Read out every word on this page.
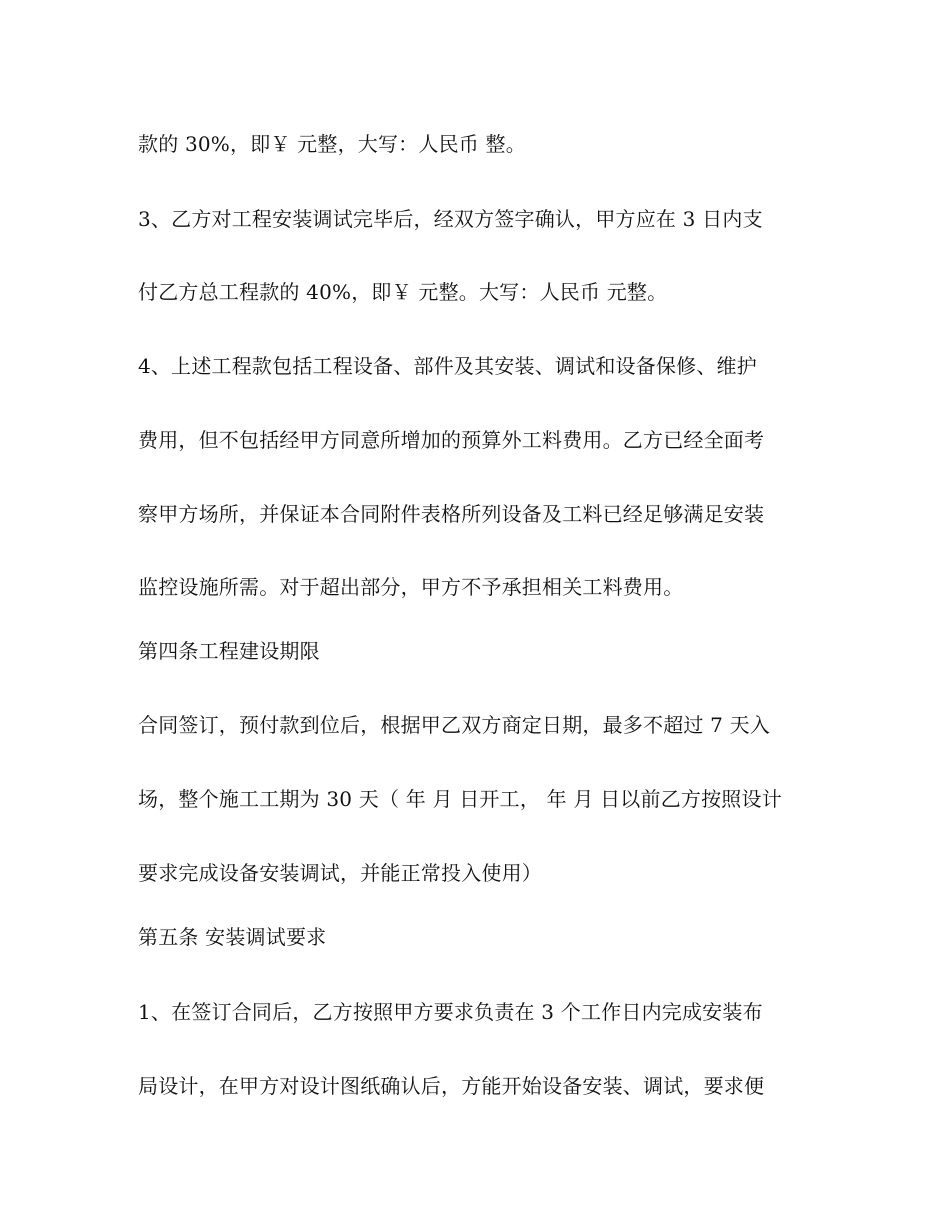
款的 30%，即￥ 元整，大写：人民币 整。
3、乙方对工程安装调试完毕后，经双方签字确认，甲方应在 3 日内支
付乙方总工程款的 40%，即￥ 元整。大写：人民币 元整。
4、上述工程款包括工程设备、部件及其安装、调试和设备保修、维护
费用，但不包括经甲方同意所增加的预算外工料费用。乙方已经全面考
察甲方场所，并保证本合同附件表格所列设备及工料已经足够满足安装
监控设施所需。对于超出部分，甲方不予承担相关工料费用。
第四条工程建设期限
合同签订，预付款到位后，根据甲乙双方商定日期，最多不超过 7 天入
场，整个施工工期为 30 天（ 年 月 日开工， 年 月 日以前乙方按照设计
要求完成设备安装调试，并能正常投入使用）
第五条 安装调试要求
1、在签订合同后，乙方按照甲方要求负责在 3 个工作日内完成安装布
局设计，在甲方对设计图纸确认后，方能开始设备安装、调试，要求便
